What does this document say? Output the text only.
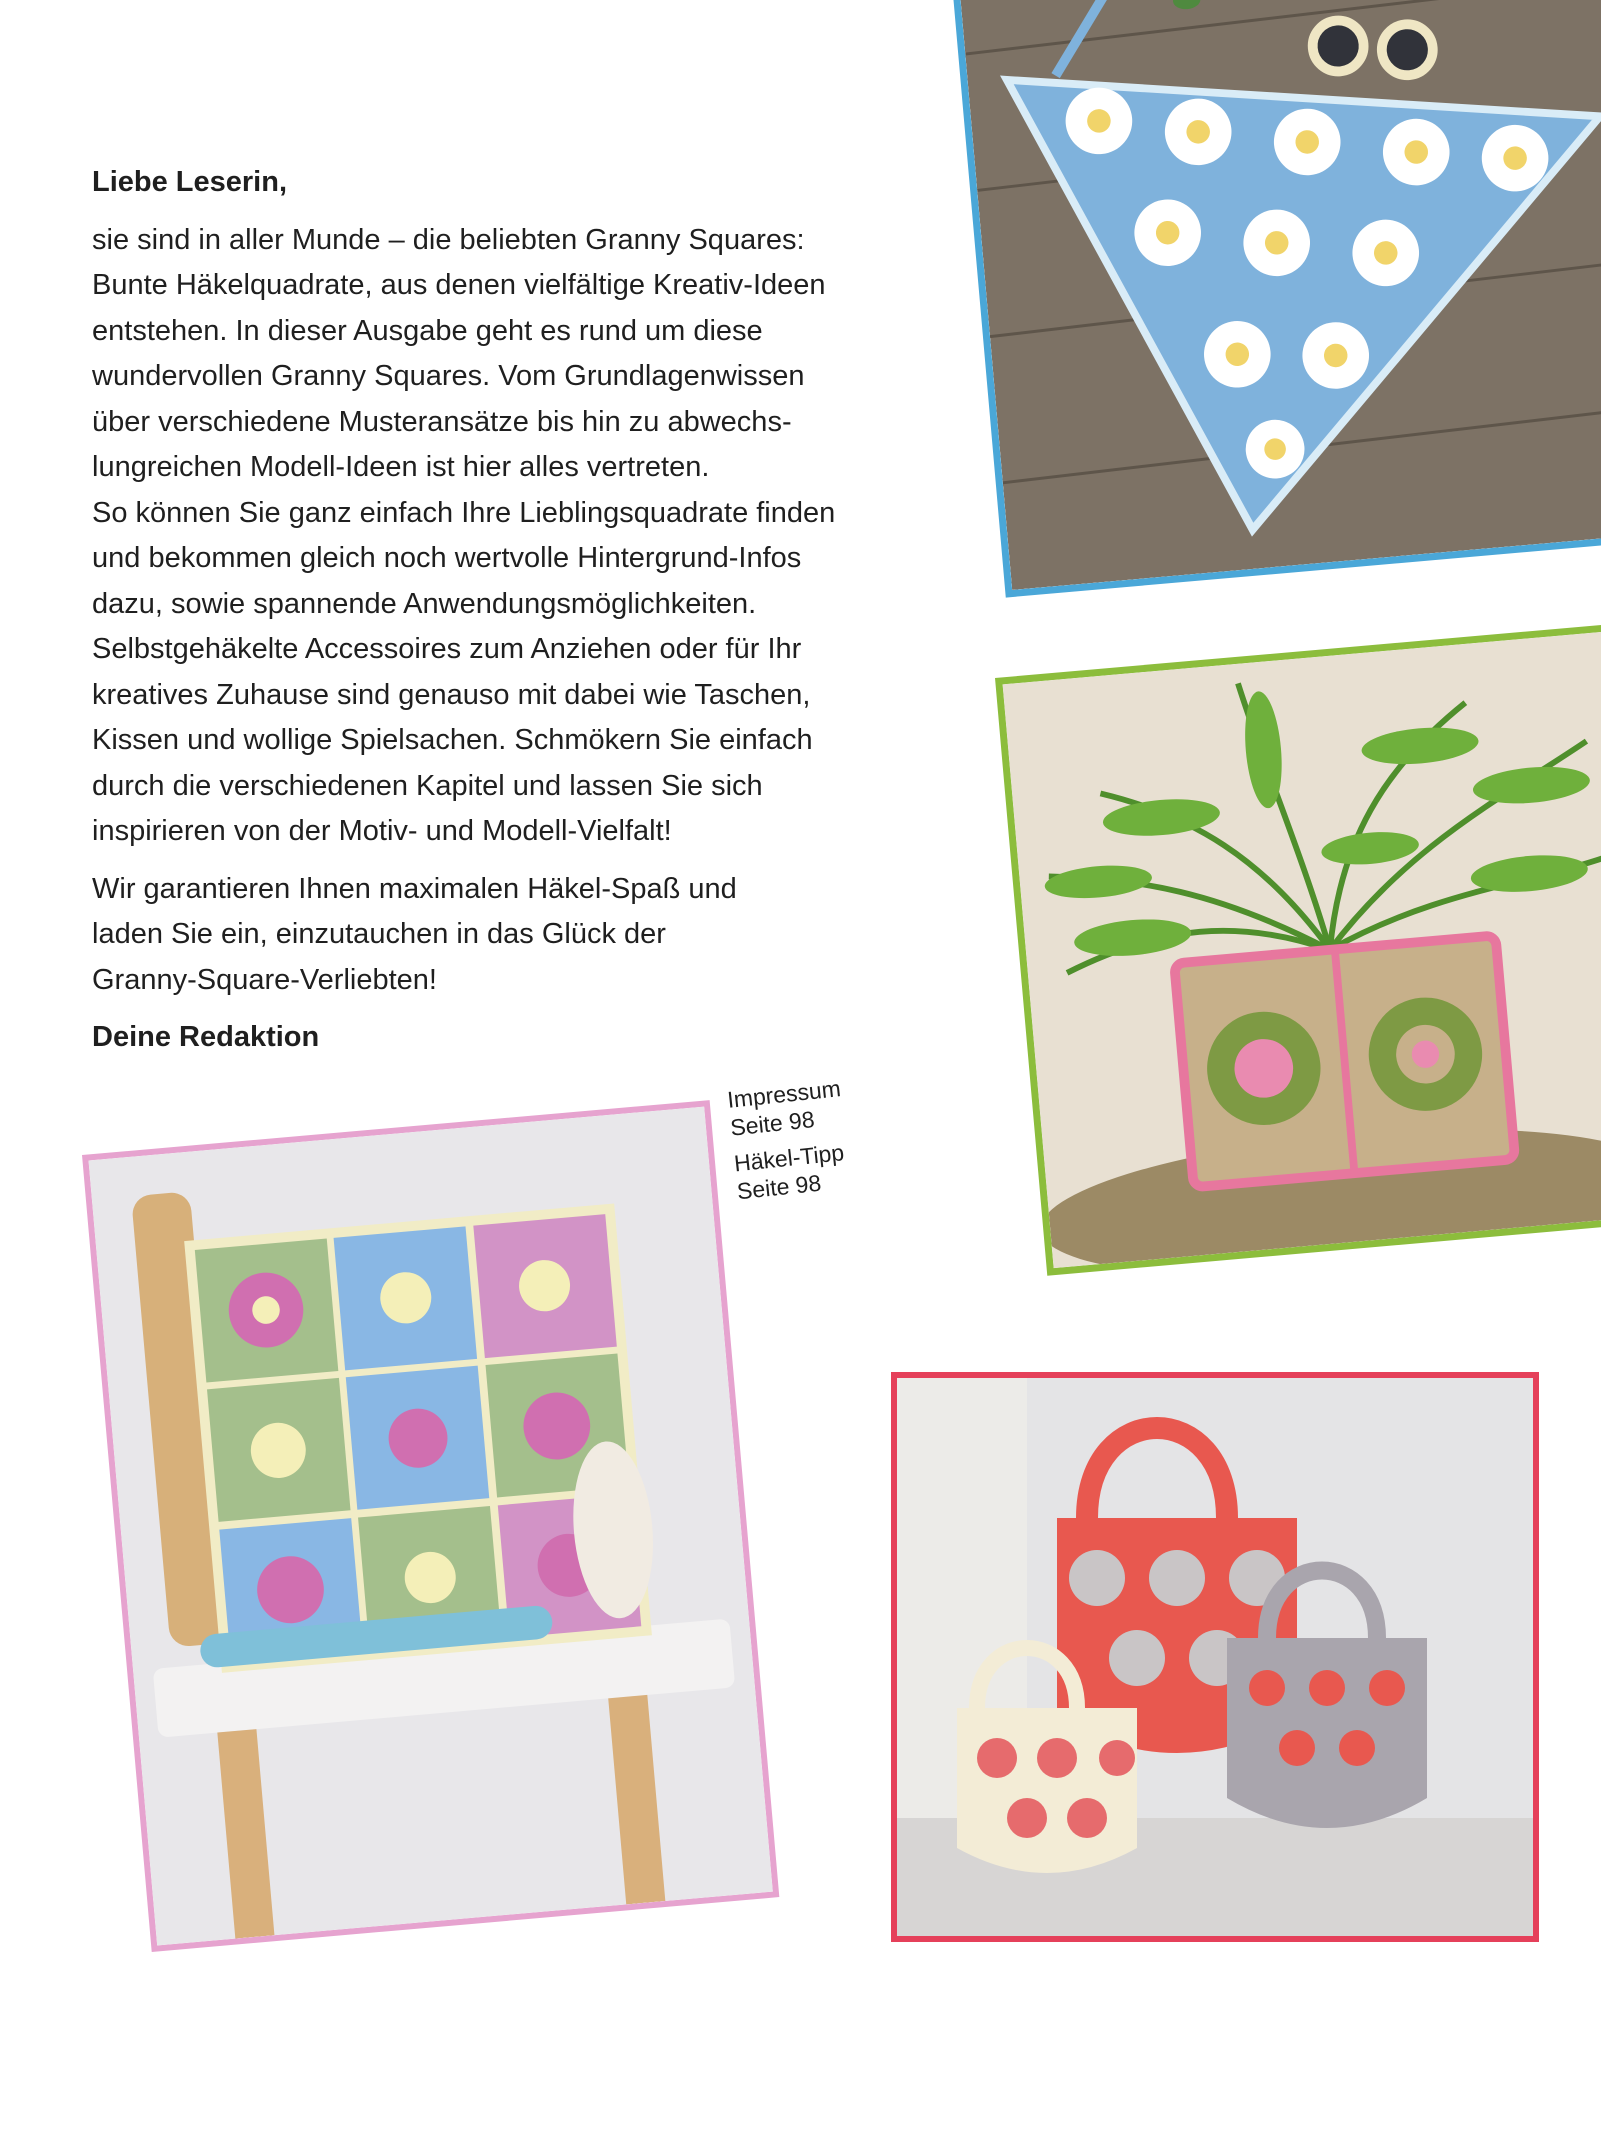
Liebe Leserin,

sie sind in aller Munde – die beliebten Granny Squares:
Bunte Häkelquadrate, aus denen vielfältige Kreativ-Ideen
entstehen. In dieser Ausgabe geht es rund um diese
wundervollen Granny Squares. Vom Grundlagenwissen
über verschiedene Musteransätze bis hin zu abwechs-
lungreichen Modell-Ideen ist hier alles vertreten.
So können Sie ganz einfach Ihre Lieblingsquadrate finden
und bekommen gleich noch wertvolle Hintergrund-Infos
dazu, sowie spannende Anwendungsmöglichkeiten.
Selbstgehäkelte Accessoires zum Anziehen oder für Ihr
kreatives Zuhause sind genauso mit dabei wie Taschen,
Kissen und wollige Spielsachen. Schmökern Sie einfach
durch die verschiedenen Kapitel und lassen Sie sich
inspirieren von der Motiv- und Modell-Vielfalt!

Wir garantieren Ihnen maximalen Häkel-Spaß und
laden Sie ein, einzutauchen in das Glück der
Granny-Square-Verliebten!

Deine Redaktion

Impressum
Seite 98
Häkel-Tipp
Seite 98
